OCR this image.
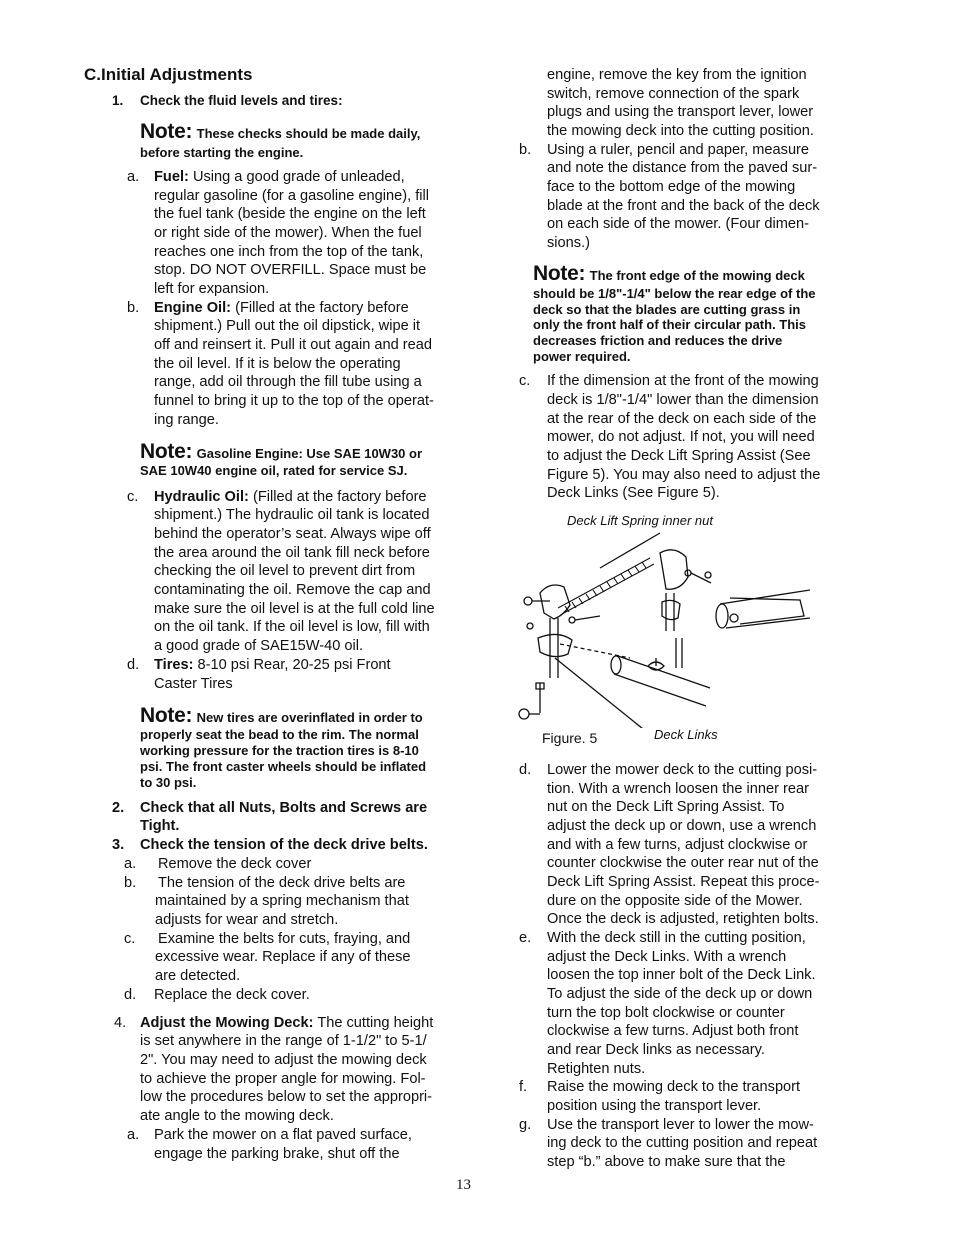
C.Initial Adjustments
1. Check the fluid levels and tires:
Note: These checks should be made daily,
before starting the engine.
a. Fuel: Using a good grade of unleaded,
regular gasoline (for a gasoline engine), fill
the fuel tank (beside the engine on the left
or right side of the mower). When the fuel
reaches one inch from the top of the tank,
stop. DO NOT OVERFILL. Space must be
left for expansion.
b. Engine Oil: (Filled at the factory before
shipment.) Pull out the oil dipstick, wipe it
off and reinsert it. Pull it out again and read
the oil level. If it is below the operating
range, add oil through the fill tube using a
funnel to bring it up to the top of the operat-
ing range.
Note: Gasoline Engine: Use SAE 10W30 or
SAE 10W40 engine oil, rated for service SJ.
c. Hydraulic Oil: (Filled at the factory before
shipment.) The hydraulic oil tank is located
behind the operator’s seat. Always wipe off
the area around the oil tank fill neck before
checking the oil level to prevent dirt from
contaminating the oil. Remove the cap and
make sure the oil level is at the full cold line
on the oil tank. If the oil level is low, fill with
a good grade of SAE15W-40 oil.
d. Tires: 8-10 psi Rear, 20-25 psi Front
Caster Tires
Note: New tires are overinflated in order to
properly seat the bead to the rim. The normal
working pressure for the traction tires is 8-10
psi. The front caster wheels should be inflated
to 30 psi.
2. Check that all Nuts, Bolts and Screws are
Tight.
3. Check the tension of the deck drive belts.
a. Remove the deck cover
b. The tension of the deck drive belts are
maintained by a spring mechanism that
adjusts for wear and stretch.
c. Examine the belts for cuts, fraying, and
excessive wear. Replace if any of these
are detected.
d. Replace the deck cover.
4. Adjust the Mowing Deck: The cutting height
is set anywhere in the range of 1-1/2" to 5-1/
2". You may need to adjust the mowing deck
to achieve the proper angle for mowing. Fol-
low the procedures below to set the appropri-
ate angle to the mowing deck.
a. Park the mower on a flat paved surface,
engage the parking brake, shut off the
engine, remove the key from the ignition
switch, remove connection of the spark
plugs and using the transport lever, lower
the mowing deck into the cutting position.
b. Using a ruler, pencil and paper, measure
and note the distance from the paved sur-
face to the bottom edge of the mowing
blade at the front and the back of the deck
on each side of the mower. (Four dimen-
sions.)
Note: The front edge of the mowing deck
should be 1/8"-1/4" below the rear edge of the
deck so that the blades are cutting grass in
only the front half of their circular path. This
decreases friction and reduces the drive
power required.
c. If the dimension at the front of the mowing
deck is 1/8"-1/4" lower than the dimension
at the rear of the deck on each side of the
mower, do not adjust. If not, you will need
to adjust the Deck Lift Spring Assist (See
Figure 5). You may also need to adjust the
Deck Links (See Figure 5).
Deck Lift Spring inner nut
Figure. 5	Deck Links
d. Lower the mower deck to the cutting posi-
tion. With a wrench loosen the inner rear
nut on the Deck Lift Spring Assist. To
adjust the deck up or down, use a wrench
and with a few turns, adjust clockwise or
counter clockwise the outer rear nut of the
Deck Lift Spring Assist. Repeat this proce-
dure on the opposite side of the Mower.
Once the deck is adjusted, retighten bolts.
e. With the deck still in the cutting position,
adjust the Deck Links. With a wrench
loosen the top inner bolt of the Deck Link.
To adjust the side of the deck up or down
turn the top bolt clockwise or counter
clockwise a few turns. Adjust both front
and rear Deck links as necessary.
Retighten nuts.
f. Raise the mowing deck to the transport
position using the transport lever.
g. Use the transport lever to lower the mow-
ing deck to the cutting position and repeat
step “b.” above to make sure that the
13
